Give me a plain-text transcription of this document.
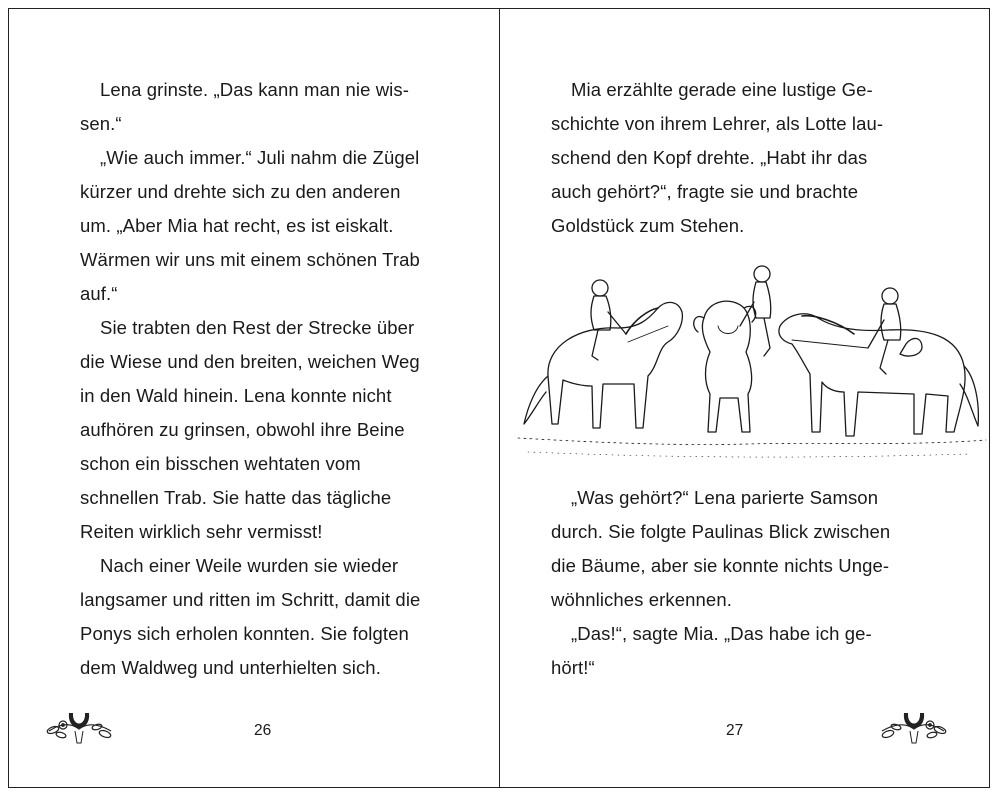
Lena grinste. „Das kann man nie wis-
sen.“
„Wie auch immer.“ Juli nahm die Zügel
kürzer und drehte sich zu den anderen
um. „Aber Mia hat recht, es ist eiskalt.
Wärmen wir uns mit einem schönen Trab
auf.“
Sie trabten den Rest der Strecke über
die Wiese und den breiten, weichen Weg
in den Wald hinein. Lena konnte nicht
aufhören zu grinsen, obwohl ihre Beine
schon ein bisschen wehtaten vom
schnellen Trab. Sie hatte das tägliche
Reiten wirklich sehr vermisst!
Nach einer Weile wurden sie wieder
langsamer und ritten im Schritt, damit die
Ponys sich erholen konnten. Sie folgten
dem Waldweg und unterhielten sich.
26
Mia erzählte gerade eine lustige Ge-
schichte von ihrem Lehrer, als Lotte lau-
schend den Kopf drehte. „Habt ihr das
auch gehört?“, fragte sie und brachte
Goldstück zum Stehen.
„Was gehört?“ Lena parierte Samson
durch. Sie folgte Paulinas Blick zwischen
die Bäume, aber sie konnte nichts Unge-
wöhnliches erkennen.
„Das!“, sagte Mia. „Das habe ich ge-
hört!“
27
